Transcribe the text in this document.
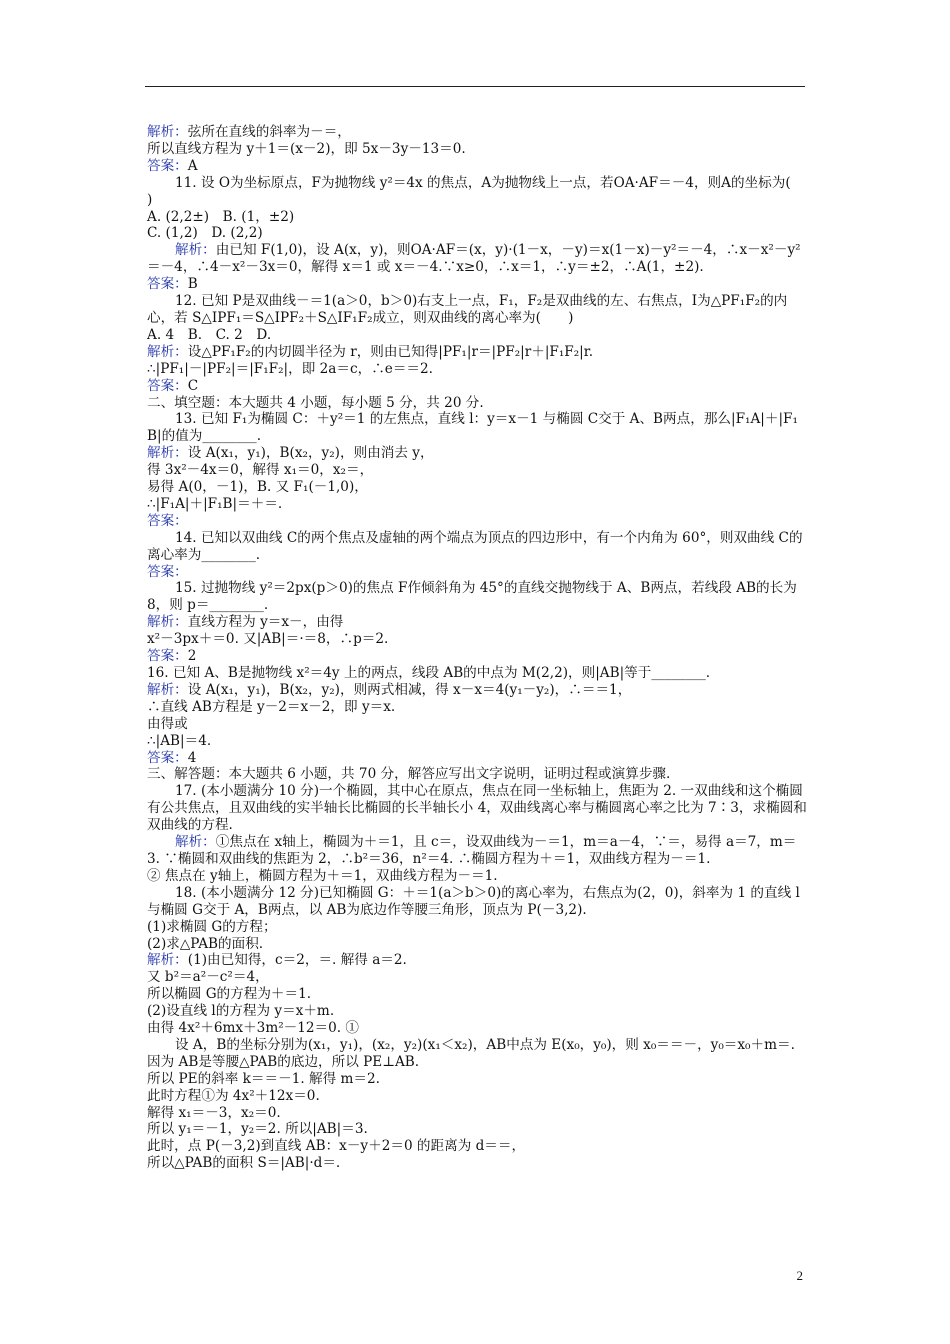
解析：弦所在直线的斜率为－＝，

所以直线方程为 y＋1＝(x－2)，即 5x－3y－13＝0.

答案：A

11. 设 O为坐标原点，F为抛物线 y²＝4x 的焦点，A为抛物线上一点，若OA·AF＝－4，则A的坐标为(　　)

A. (2,2±)　B. (1，±2)

C. (1,2)　D. (2,2)

解析：由已知 F(1,0)，设 A(x，y)，则OA·AF＝(x，y)·(1－x，－y)＝x(1－x)－y²＝－4，∴x－x²－y²＝－4，∴4－x²－3x＝0，解得 x＝1 或 x＝－4.∵x≥0，∴x＝1，∴y＝±2，∴A(1，±2).

答案：B

12. 已知 P是双曲线－＝1(a＞0，b＞0)右支上一点，F₁，F₂是双曲线的左、右焦点，I为△PF₁F₂的内心，若 S△IPF₁＝S△IPF₂＋S△IF₁F₂成立，则双曲线的离心率为(　　)

A. 4　B.　C. 2　D.

解析：设△PF₁F₂的内切圆半径为 r，则由已知得|PF₁|r＝|PF₂|r＋|F₁F₂|r.

∴|PF₁|－|PF₂|＝|F₁F₂|，即 2a＝c，∴e＝＝2.

答案：C

二、填空题：本大题共 4 小题，每小题 5 分，共 20 分.

13. 已知 F₁为椭圆 C：＋y²＝1 的左焦点，直线 l：y＝x－1 与椭圆 C交于 A、B两点，那么|F₁A|＋|F₁B|的值为________.

解析：设 A(x₁，y₁)，B(x₂，y₂)，则由消去 y，

得 3x²－4x＝0，解得 x₁＝0，x₂＝，

易得 A(0，－1)，B. 又 F₁(－1,0)，

∴|F₁A|＋|F₁B|＝＋＝.

答案：

14. 已知以双曲线 C的两个焦点及虚轴的两个端点为顶点的四边形中，有一个内角为 60°，则双曲线 C的离心率为________.

答案：

15. 过抛物线 y²＝2px(p＞0)的焦点 F作倾斜角为 45°的直线交抛物线于 A、B两点，若线段 AB的长为 8，则 p＝________.

解析：直线方程为 y＝x－，由得

x²－3px＋＝0. 又|AB|＝·＝8，∴p＝2.

答案：2

16. 已知 A、B是抛物线 x²＝4y 上的两点，线段 AB的中点为 M(2,2)，则|AB|等于________.

解析：设 A(x₁，y₁)，B(x₂，y₂)，则两式相减，得 x－x＝4(y₁－y₂)，∴＝＝1，

∴直线 AB方程是 y－2＝x－2，即 y＝x.

由得或

∴|AB|＝4.

答案：4

三、解答题：本大题共 6 小题，共 70 分，解答应写出文字说明，证明过程或演算步骤.

17. (本小题满分 10 分)一个椭圆，其中心在原点，焦点在同一坐标轴上，焦距为 2. 一双曲线和这个椭圆有公共焦点，且双曲线的实半轴长比椭圆的长半轴长小 4，双曲线离心率与椭圆离心率之比为 7∶3，求椭圆和双曲线的方程.

解析：①焦点在 x轴上，椭圆为＋＝1，且 c＝，设双曲线为－＝1，m＝a－4，∵＝，易得 a＝7，m＝3. ∵椭圆和双曲线的焦距为 2，∴b²＝36，n²＝4. ∴椭圆方程为＋＝1，双曲线方程为－＝1.

② 焦点在 y轴上，椭圆方程为＋＝1，双曲线方程为－＝1.

18. (本小题满分 12 分)已知椭圆 G：＋＝1(a＞b＞0)的离心率为，右焦点为(2，0)，斜率为 1 的直线 l与椭圆 G交于 A，B两点，以 AB为底边作等腰三角形，顶点为 P(－3,2).

(1)求椭圆 G的方程；

(2)求△PAB的面积.

解析：(1)由已知得，c＝2，＝. 解得 a＝2.

又 b²＝a²－c²＝4，

所以椭圆 G的方程为＋＝1.

(2)设直线 l的方程为 y＝x＋m.

由得 4x²＋6mx＋3m²－12＝0. ①

设 A，B的坐标分别为(x₁，y₁)，(x₂，y₂)(x₁＜x₂)，AB中点为 E(x₀，y₀)，则 x₀＝＝－，y₀＝x₀＋m＝.

因为 AB是等腰△PAB的底边，所以 PE⊥AB.

所以 PE的斜率 k＝＝－1. 解得 m＝2.

此时方程①为 4x²＋12x＝0.

解得 x₁＝－3，x₂＝0.

所以 y₁＝－1，y₂＝2. 所以|AB|＝3.

此时，点 P(－3,2)到直线 AB：x－y＋2＝0 的距离为 d＝＝，

所以△PAB的面积 S＝|AB|·d＝.

2
